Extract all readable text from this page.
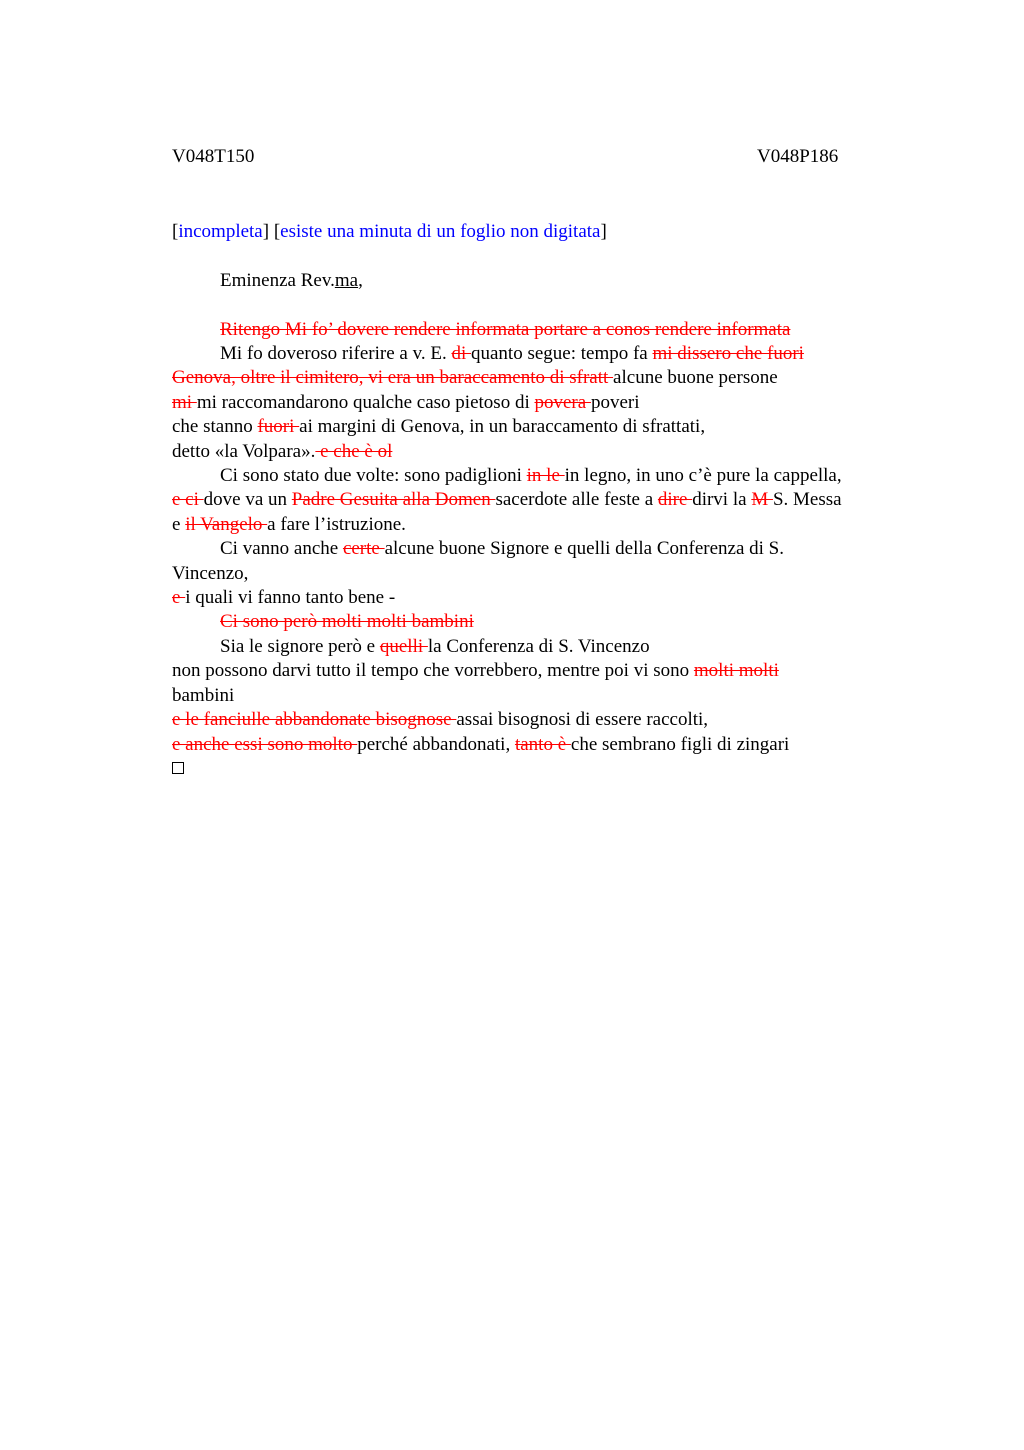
V048T150	V048P186
[incompleta] [esiste una minuta di un foglio non digitata]
Eminenza Rev.ma,
Ritengo Mi fo’ dovere rendere informata portare a conos rendere informata
Mi fo doveroso riferire a v. E. di quanto segue: tempo fa mi dissero che fuori
Genova, oltre il cimitero, vi era un baraccamento di sfratt alcune buone persone
mi mi raccomandarono qualche caso pietoso di povera poveri
che stanno fuori ai margini di Genova, in un baraccamento di sfrattati,
detto «la Volpara». e che è ol
Ci sono stato due volte: sono padiglioni in le in legno, in uno c’è pure la cappella,
e ci dove va un Padre Gesuita alla Domen sacerdote alle feste a dire dirvi la M S. Messa
e il Vangelo a fare l’istruzione.
Ci vanno anche certe alcune buone Signore e quelli della Conferenza di S.
Vincenzo,
e i quali vi fanno tanto bene -
Ci sono però molti molti bambini
Sia le signore però e quelli la Conferenza di S. Vincenzo
non possono darvi tutto il tempo che vorrebbero, mentre poi vi sono molti molti
bambini
e le fanciulle abbandonate bisognose assai bisognosi di essere raccolti,
e anche essi sono molto perché abbandonati, tanto è che sembrano figli di zingari
